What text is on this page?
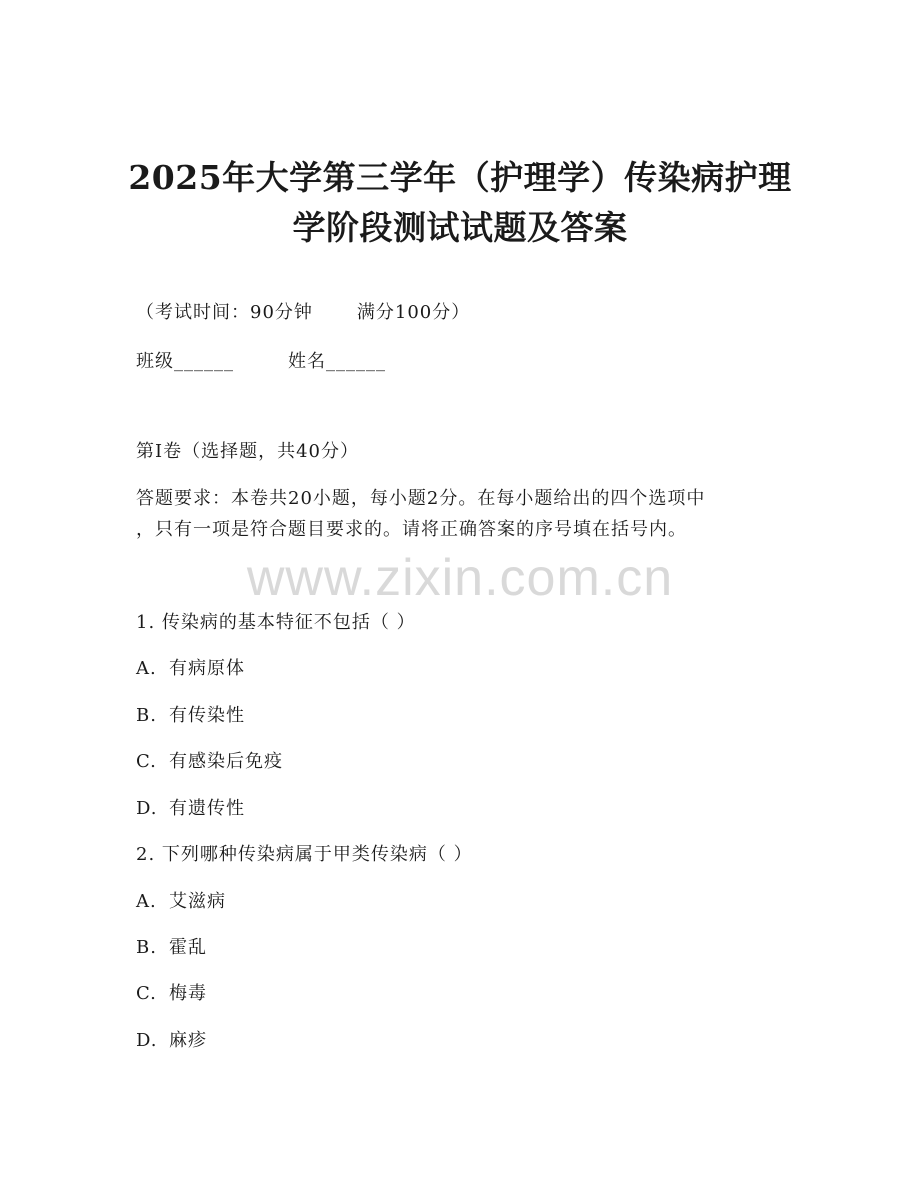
2025年大学第三学年（护理学）传染病护理
学阶段测试试题及答案
（考试时间：90分钟 满分100分）
班级______	姓名______
第I卷（选择题，共40分）
答题要求：本卷共20小题，每小题2分。在每小题给出的四个选项中
，只有一项是符合题目要求的。请将正确答案的序号填在括号内。
www.zixin.com.cn
1. 传染病的基本特征不包括（ ）
A. 有病原体
B. 有传染性
C. 有感染后免疫
D. 有遗传性
2. 下列哪种传染病属于甲类传染病（ ）
A. 艾滋病
B. 霍乱
C. 梅毒
D. 麻疹
